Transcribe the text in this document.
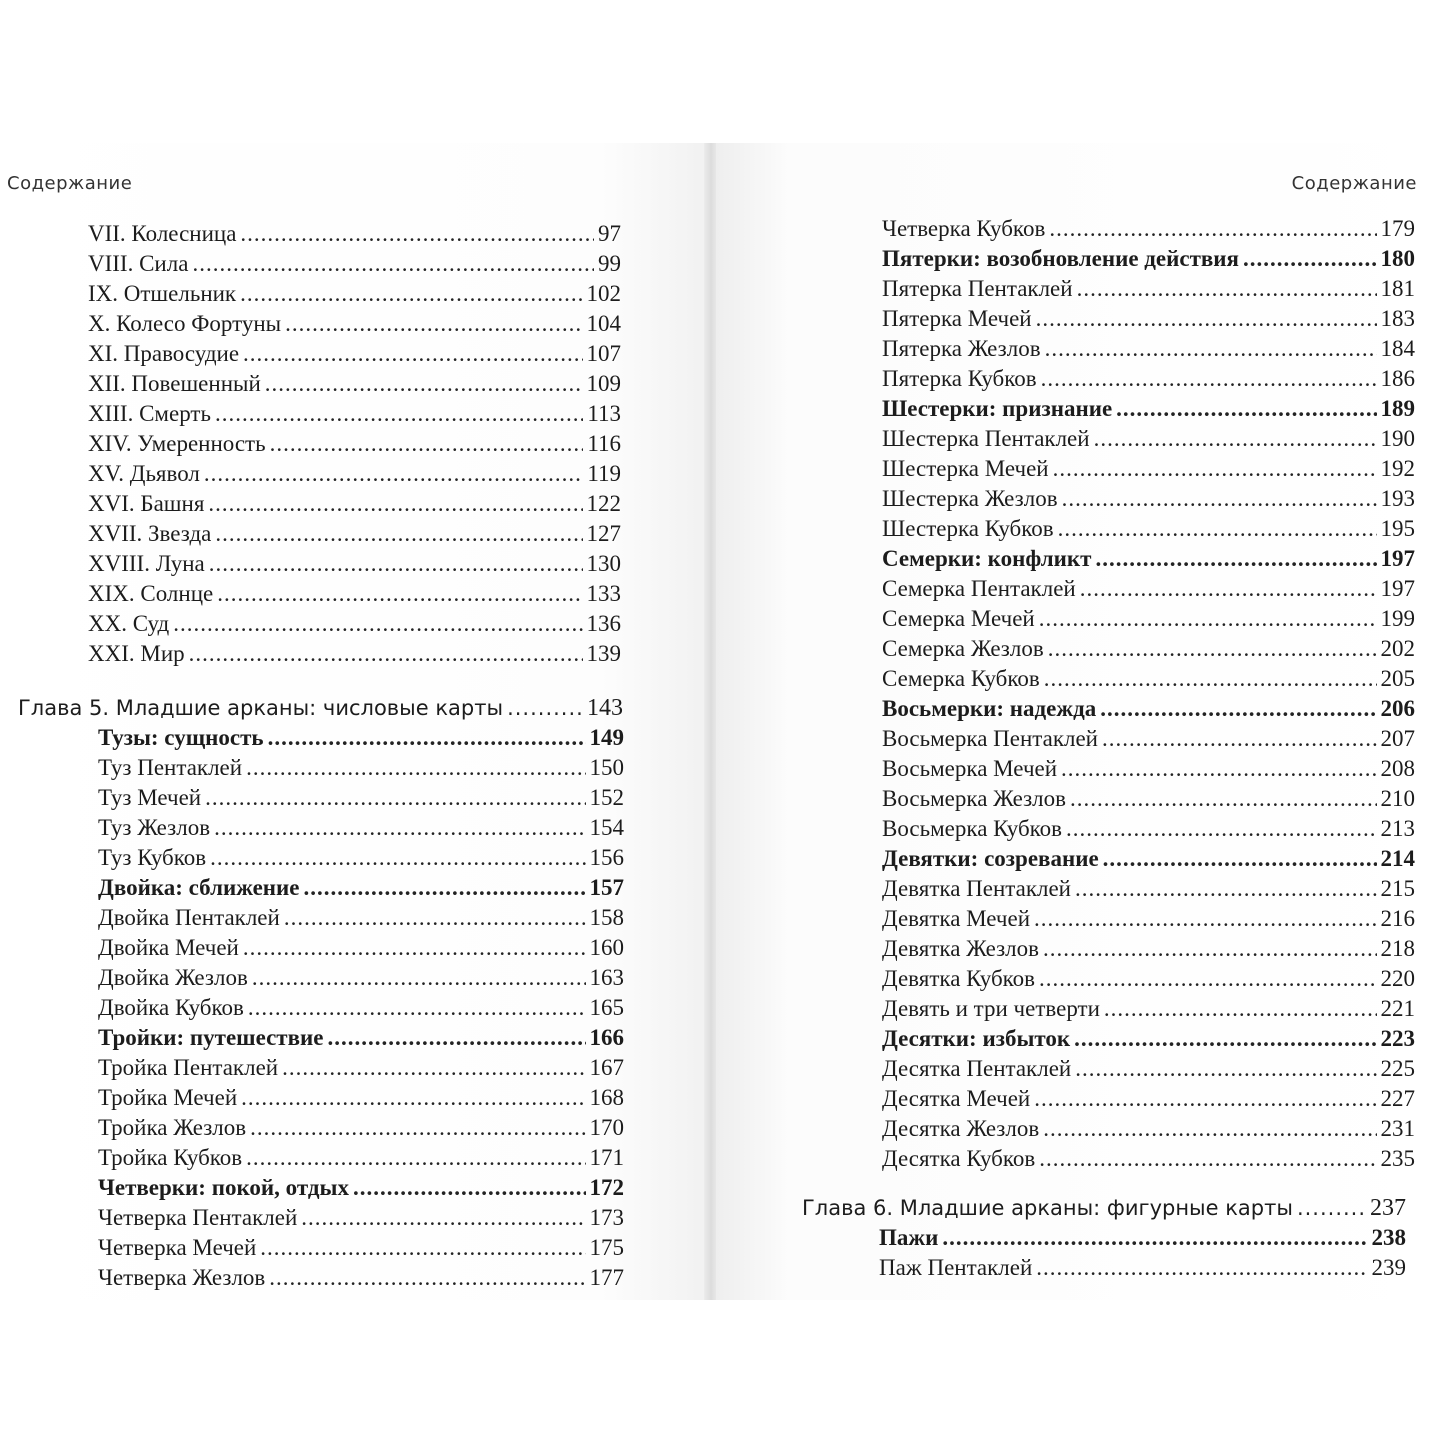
Содержание	Содержание
VII. Колесница .....	97
VIII. Сила .....	99
IX. Отшельник .....	102
X. Колесо Фортуны .....	104
XI. Правосудие .....	107
XII. Повешенный .....	109
XIII. Смерть .....	113
XIV. Умеренность .....	116
XV. Дьявол .....	119
XVI. Башня .....	122
XVII. Звезда .....	127
XVIII. Луна .....	130
XIX. Солнце .....	133
XX. Суд .....	136
XXI. Мир .....	139
Глава 5. Младшие арканы: числовые карты .....	143
Тузы: сущность .....	149
Туз Пентаклей .....	150
Туз Мечей .....	152
Туз Жезлов .....	154
Туз Кубков .....	156
Двойка: сближение .....	157
Двойка Пентаклей .....	158
Двойка Мечей .....	160
Двойка Жезлов .....	163
Двойка Кубков .....	165
Тройки: путешествие .....	166
Тройка Пентаклей .....	167
Тройка Мечей .....	168
Тройка Жезлов .....	170
Тройка Кубков .....	171
Четверки: покой, отдых .....	172
Четверка Пентаклей .....	173
Четверка Мечей .....	175
Четверка Жезлов .....	177
Четверка Кубков .....	179
Пятерки: возобновление действия .....	180
Пятерка Пентаклей .....	181
Пятерка Мечей .....	183
Пятерка Жезлов .....	184
Пятерка Кубков .....	186
Шестерки: признание .....	189
Шестерка Пентаклей .....	190
Шестерка Мечей .....	192
Шестерка Жезлов .....	193
Шестерка Кубков .....	195
Семерки: конфликт .....	197
Семерка Пентаклей .....	197
Семерка Мечей .....	199
Семерка Жезлов .....	202
Семерка Кубков .....	205
Восьмерки: надежда .....	206
Восьмерка Пентаклей .....	207
Восьмерка Мечей .....	208
Восьмерка Жезлов .....	210
Восьмерка Кубков .....	213
Девятки: созревание .....	214
Девятка Пентаклей .....	215
Девятка Мечей .....	216
Девятка Жезлов .....	218
Девятка Кубков .....	220
Девять и три четверти .....	221
Десятки: избыток .....	223
Десятка Пентаклей .....	225
Десятка Мечей .....	227
Десятка Жезлов .....	231
Десятка Кубков .....	235
Глава 6. Младшие арканы: фигурные карты .....	237
Пажи .....	238
Паж Пентаклей .....	239
